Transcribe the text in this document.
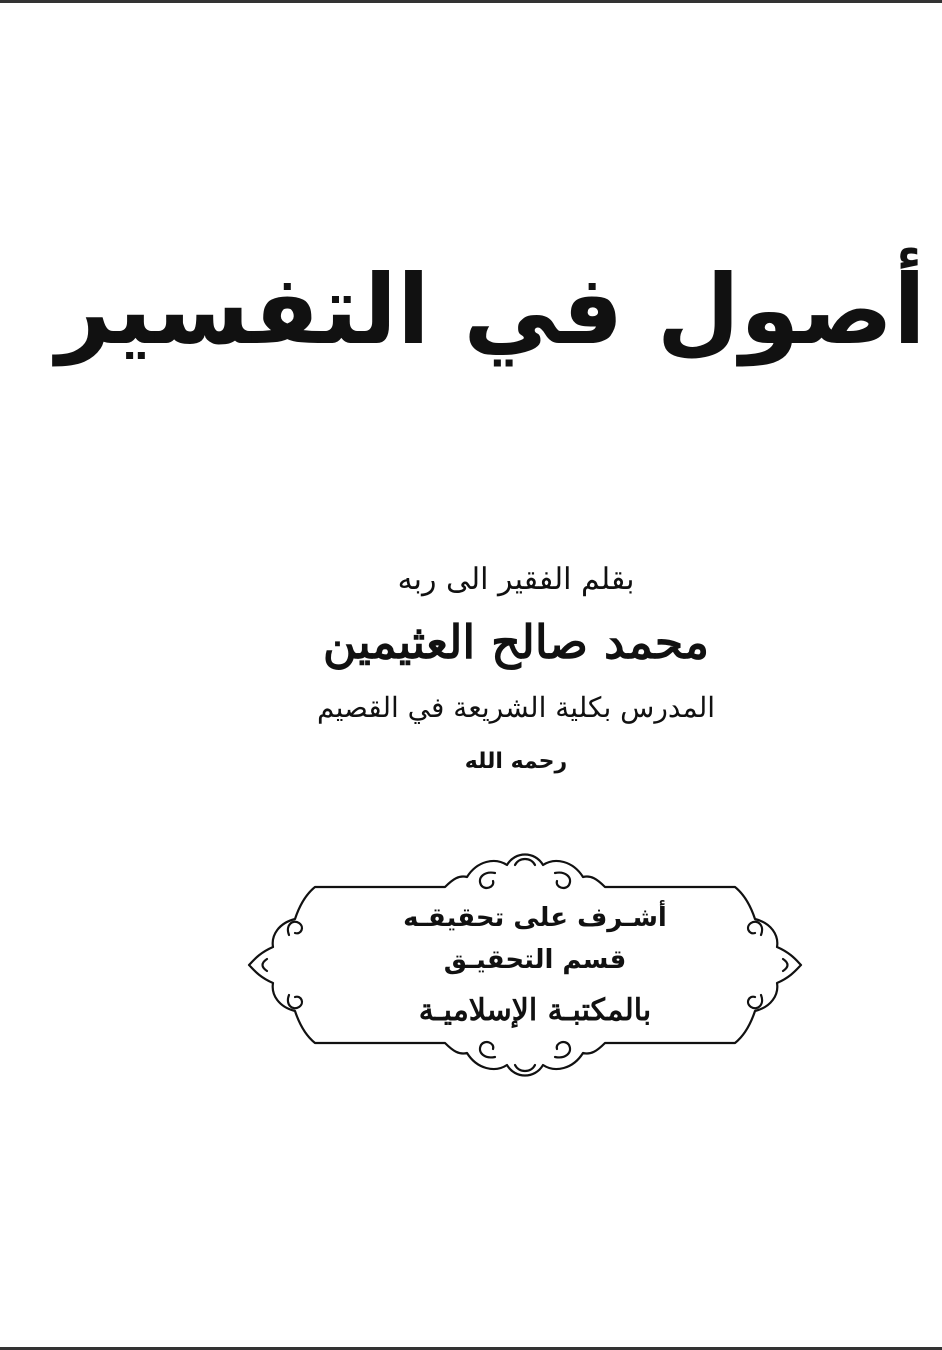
أصول في التفسير
بقلم الفقير الى ربه
محمد صالح العثيمين
المدرس بكلية الشريعة في القصيم
رحمه الله
أشـرف على تحقيقـه
قسم التحقيـق
بالمكتبـة الإسلاميـة
